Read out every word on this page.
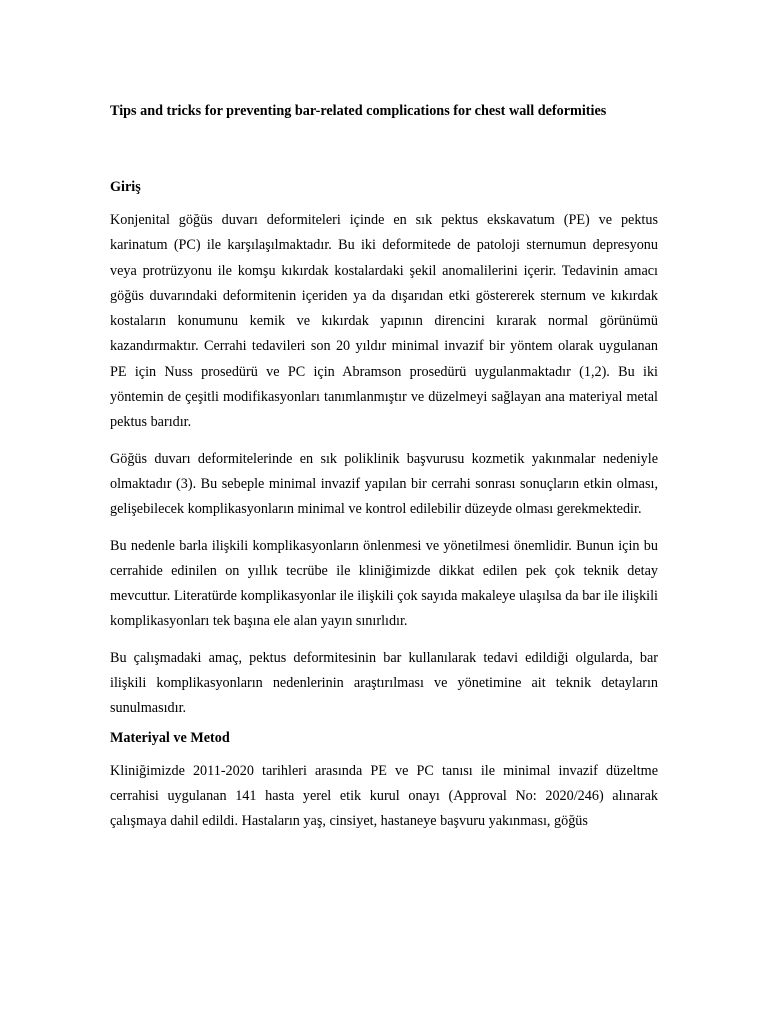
Tips and tricks for preventing bar-related complications for chest wall deformities
Giriş

Konjenital göğüs duvarı deformiteleri içinde en sık pektus ekskavatum (PE) ve pektus karinatum (PC) ile karşılaşılmaktadır. Bu iki deformitede de patoloji sternumun depresyonu veya protrüzyonu ile komşu kıkırdak kostalardaki şekil anomalilerini içerir. Tedavinin amacı göğüs duvarındaki deformitenin içeriden ya da dışarıdan etki göstererek sternum ve kıkırdak kostaların konumunu kemik ve kıkırdak yapının direncini kırarak normal görünümü kazandırmaktır. Cerrahi tedavileri son 20 yıldır minimal invazif bir yöntem olarak uygulanan PE için Nuss prosedürü ve PC için Abramson prosedürü uygulanmaktadır (1,2). Bu iki yöntemin de çeşitli modifikasyonları tanımlanmıştır ve düzelmeyi sağlayan ana materiyal metal pektus barıdır.

Göğüs duvarı deformitelerinde en sık poliklinik başvurusu kozmetik yakınmalar nedeniyle olmaktadır (3). Bu sebeple minimal invazif yapılan bir cerrahi sonrası sonuçların etkin olması, gelişebilecek komplikasyonların minimal ve kontrol edilebilir düzeyde olması gerekmektedir.

Bu nedenle barla ilişkili komplikasyonların önlenmesi ve yönetilmesi önemlidir. Bunun için bu cerrahide edinilen on yıllık tecrübe ile kliniğimizde dikkat edilen pek çok teknik detay mevcuttur. Literatürde komplikasyonlar ile ilişkili çok sayıda makaleye ulaşılsa da bar ile ilişkili komplikasyonları tek başına ele alan yayın sınırlıdır.

Bu çalışmadaki amaç, pektus deformitesinin bar kullanılarak tedavi edildiği olgularda, bar ilişkili komplikasyonların nedenlerinin araştırılması ve yönetimine ait teknik detayların sunulmasıdır.

Materiyal ve Metod

Kliniğimizde 2011-2020 tarihleri arasında PE ve PC tanısı ile minimal invazif düzeltme cerrahisi uygulanan 141 hasta yerel etik kurul onayı (Approval No: 2020/246) alınarak çalışmaya dahil edildi. Hastaların yaş, cinsiyet, hastaneye başvuru yakınması, göğüs
